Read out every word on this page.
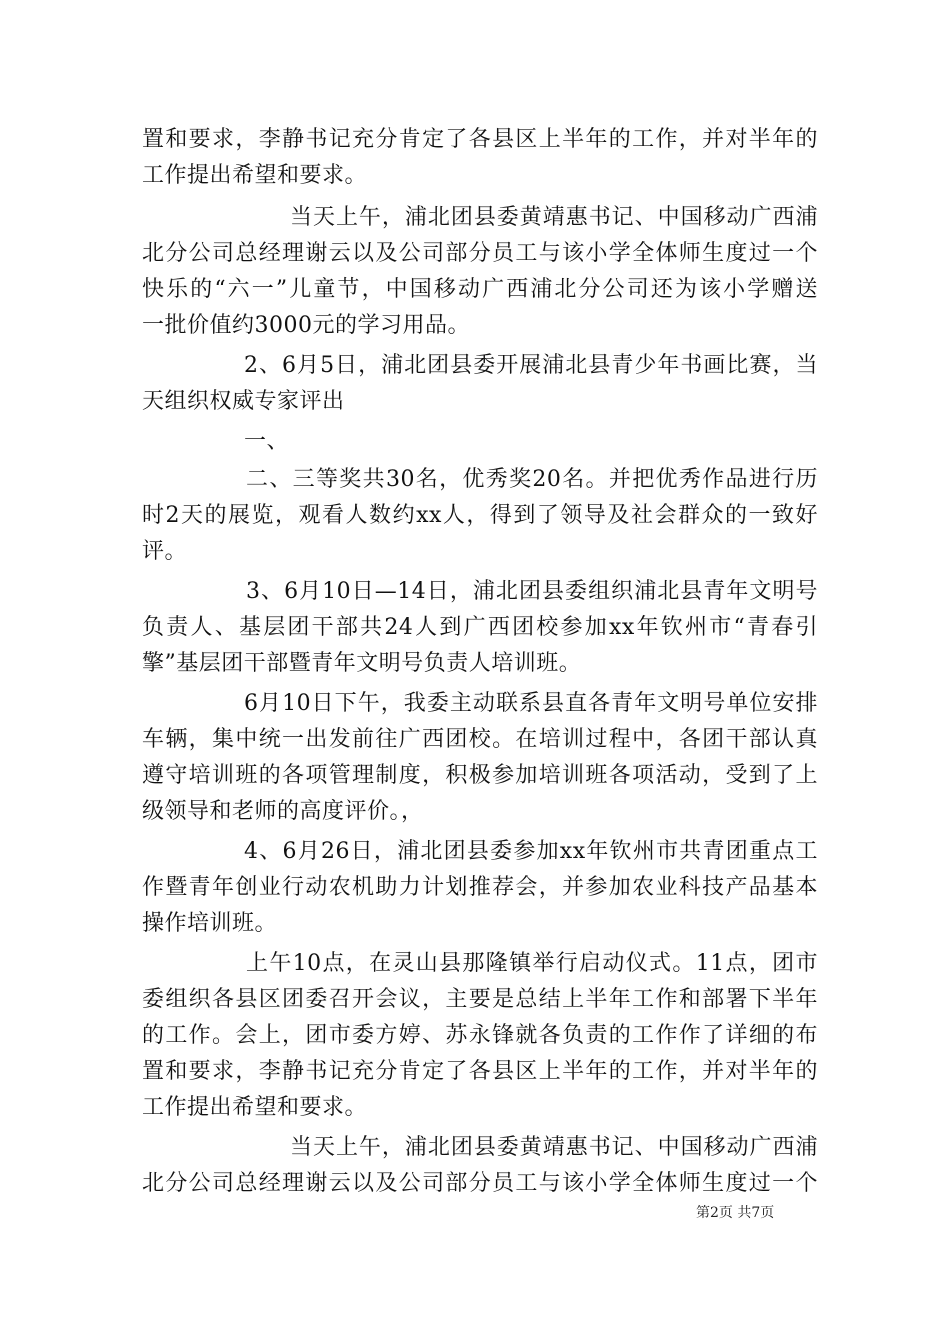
置和要求，李静书记充分肯定了各县区上半年的工作，并对半年的
工作提出希望和要求。
当天上午，浦北团县委黄靖惠书记、中国移动广西浦
北分公司总经理谢云以及公司部分员工与该小学全体师生度过一个
快乐的“六一”儿童节，中国移动广西浦北分公司还为该小学赠送
一批价值约3000元的学习用品。
2、6月5日，浦北团县委开展浦北县青少年书画比赛，当
天组织权威专家评出
一、
二、三等奖共30名，优秀奖20名。并把优秀作品进行历
时2天的展览，观看人数约xx人，得到了领导及社会群众的一致好
评。
3、6月10日—14日，浦北团县委组织浦北县青年文明号
负责人、基层团干部共24人到广西团校参加xx年钦州市“青春引
擎”基层团干部暨青年文明号负责人培训班。
6月10日下午，我委主动联系县直各青年文明号单位安排
车辆，集中统一出发前往广西团校。在培训过程中，各团干部认真
遵守培训班的各项管理制度，积极参加培训班各项活动，受到了上
级领导和老师的高度评价。，
4、6月26日，浦北团县委参加xx年钦州市共青团重点工
作暨青年创业行动农机助力计划推荐会，并参加农业科技产品基本
操作培训班。
上午10点，在灵山县那隆镇举行启动仪式。11点，团市
委组织各县区团委召开会议，主要是总结上半年工作和部署下半年
的工作。会上，团市委方婷、苏永锋就各负责的工作作了详细的布
置和要求，李静书记充分肯定了各县区上半年的工作，并对半年的
工作提出希望和要求。
当天上午，浦北团县委黄靖惠书记、中国移动广西浦
北分公司总经理谢云以及公司部分员工与该小学全体师生度过一个
第2页 共7页
